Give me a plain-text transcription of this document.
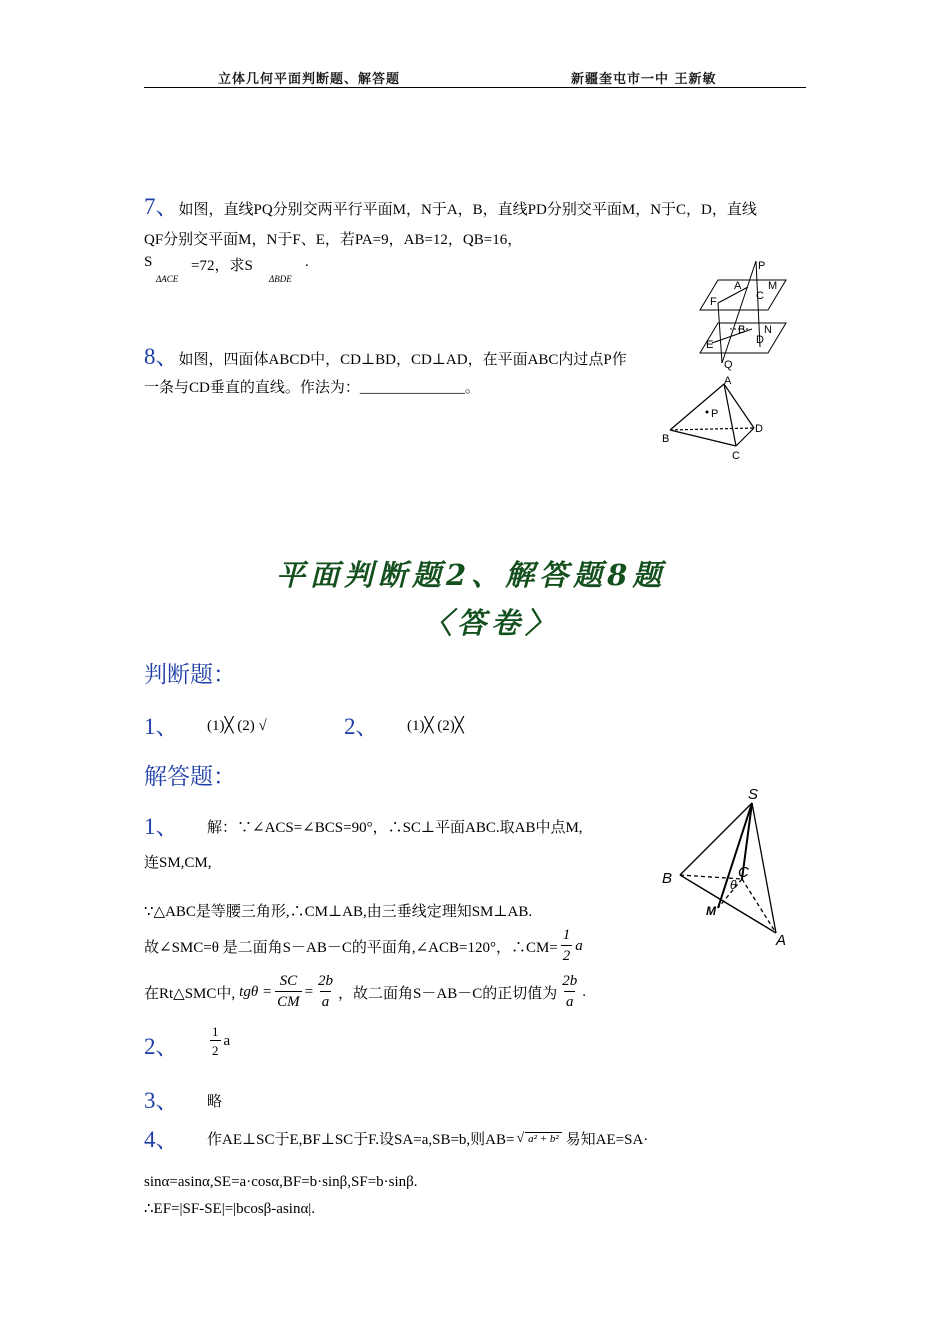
立体几何平面判断题、解答题	新疆奎屯市一中 王新敏
7、如图，直线PQ分别交两平行平面M，N于A，B，直线PD分别交平面M，N于C，D，直线
QF分别交平面M，N于F、E，若PA=9，AB=12，QB=16，
S
ΔACE
=72，求S
ΔBDE
.	P
A
C
M
F
B N
E	D
Q
8、如图，四面体ABCD中，CD⊥BD，CD⊥AD，在平面ABC内过点P作
一条与CD垂直的直线。作法为：______________。	A
P
B
D
C
平面判断题2、解答题8题
〈答卷〉
判断题：
1、 (1)╳ (2) √	2、 (1)╳ (2)╳
解答题：
1、 解：∵∠ACS=∠BCS=90°，∴SC⊥平面ABC.取AB中点M,
连SM,CM,
∵△ABC是等腰三角形,∴CM⊥AB,由三垂线定理知SM⊥AB.
故∠SMC=θ 是二面角S－AB－C的平面角,∠ACB=120°，∴CM= $\frac{1}{2}$ a
在Rt△SMC中, $tg\theta = \frac{SC}{CM} = \frac{2b}{a}$ ，故二面角S－AB－C的正切值为 $\frac{2b}{a}$ .
S
B	C
θ
M
A
2、 $\frac{1}{2}$ a
3、 略
4、 作AE⊥SC于E,BF⊥SC于F.设SA=a,SB=b,则AB= √ a² + b² 易知AE=SA·
sinα=asinα,SE=a·cosα,BF=b·sinβ,SF=b·sinβ.
∴EF=|SF-SE|=|bcosβ-asinα|.
